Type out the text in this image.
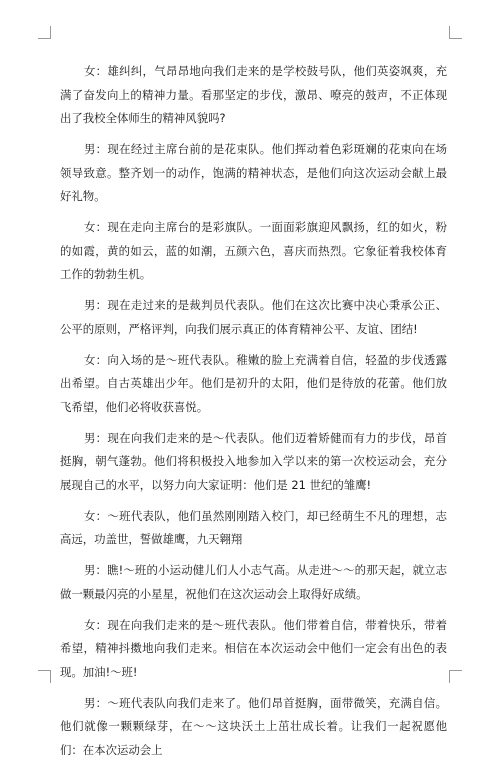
女：雄纠纠，气昂昂地向我们走来的是学校鼓号队，他们英姿飒爽，充满了奋发向上的精神力量。看那坚定的步伐，激昂、嘹亮的鼓声，不正体现出了我校全体师生的精神风貌吗?

男：现在经过主席台前的是花束队。他们挥动着色彩斑斓的花束向在场领导致意。整齐划一的动作，饱满的精神状态，是他们向这次运动会献上最好礼物。

女：现在走向主席台的是彩旗队。一面面彩旗迎风飘扬，红的如火，粉的如霞，黄的如云，蓝的如潮，五颜六色，喜庆而热烈。它象征着我校体育工作的勃勃生机。

男：现在走过来的是裁判员代表队。他们在这次比赛中决心秉承公正、公平的原则，严格评判，向我们展示真正的体育精神公平、友谊、团结!

女：向入场的是～班代表队。稚嫩的脸上充满着自信，轻盈的步伐透露出希望。自古英雄出少年。他们是初升的太阳，他们是待放的花蕾。他们放飞希望，他们必将收获喜悦。

男：现在向我们走来的是～代表队。他们迈着矫健而有力的步伐，昂首挺胸，朝气蓬勃。他们将积极投入地参加入学以来的第一次校运动会，充分展现自己的水平，以努力向大家证明：他们是 21 世纪的雏鹰!

女：～班代表队，他们虽然刚刚踏入校门，却已经萌生不凡的理想，志高远，功盖世，誓做雄鹰，九天翱翔

男：瞧!～班的小运动健儿们人小志气高。从走进～～的那天起，就立志做一颗最闪亮的小星星，祝他们在这次运动会上取得好成绩。

女：现在向我们走来的是～班代表队。他们带着自信，带着快乐，带着希望，精神抖擞地向我们走来。相信在本次运动会中他们一定会有出色的表现。加油!～班!

男：～班代表队向我们走来了。他们昂首挺胸，面带微笑，充满自信。他们就像一颗颗绿芽，在～～这块沃土上茁壮成长着。让我们一起祝愿他们：在本次运动会上
